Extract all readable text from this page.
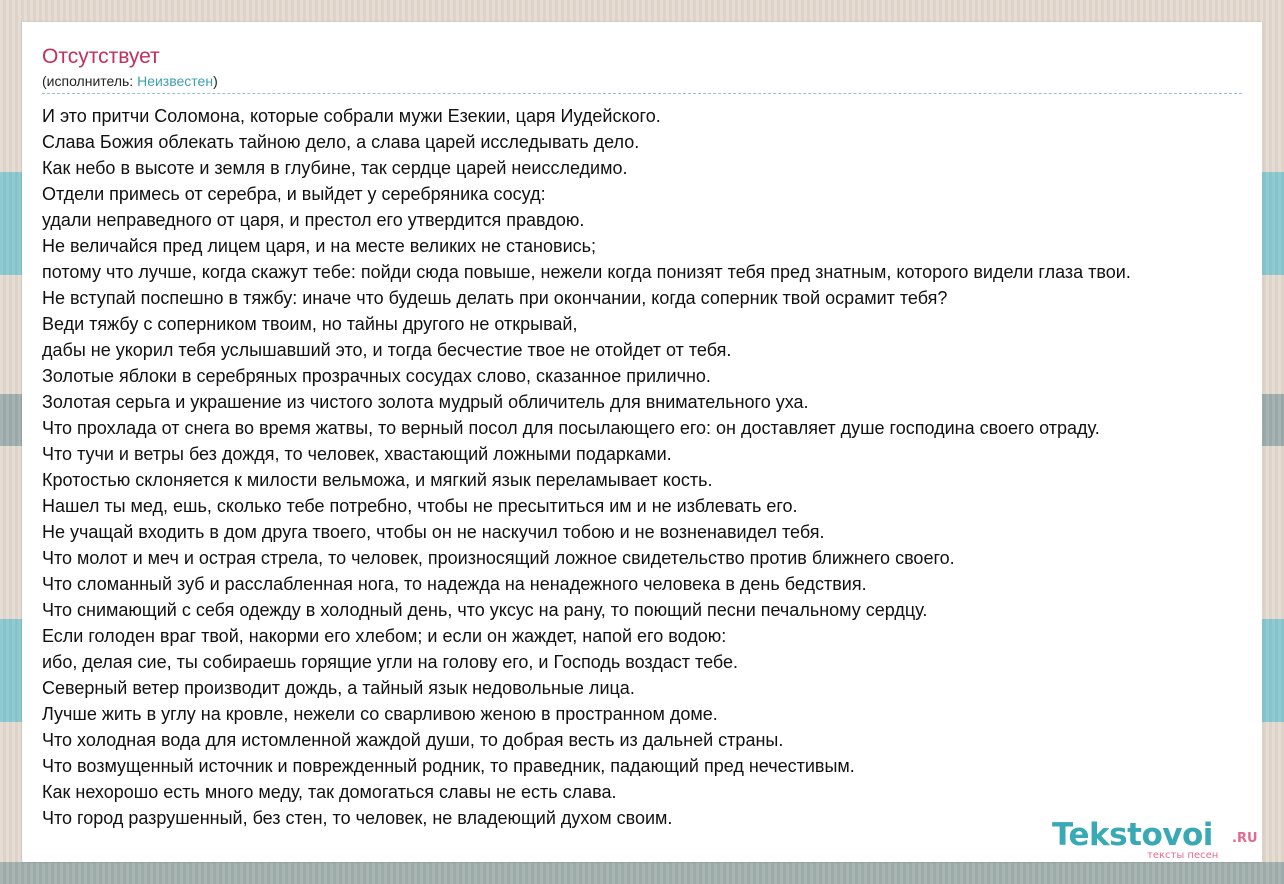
Отсутствует
(исполнитель: Неизвестен)
И это притчи Соломона, которые собрали мужи Езекии, царя Иудейского.
Слава Божия облекать тайною дело, а слава царей исследывать дело.
Как небо в высоте и земля в глубине, так сердце царей неисследимо.
Отдели примесь от серебра, и выйдет у серебряника сосуд:
удали неправедного от царя, и престол его утвердится правдою.
Не величайся пред лицем царя, и на месте великих не становись;
потому что лучше, когда скажут тебе: пойди сюда повыше, нежели когда понизят тебя пред знатным, которого видели глаза твои.
Не вступай поспешно в тяжбу: иначе что будешь делать при окончании, когда соперник твой осрамит тебя?
Веди тяжбу с соперником твоим, но тайны другого не открывай,
дабы не укорил тебя услышавший это, и тогда бесчестие твое не отойдет от тебя.
Золотые яблоки в серебряных прозрачных сосудах слово, сказанное прилично.
Золотая серьга и украшение из чистого золота мудрый обличитель для внимательного уха.
Что прохлада от снега во время жатвы, то верный посол для посылающего его: он доставляет душе господина своего отраду.
Что тучи и ветры без дождя, то человек, хвастающий ложными подарками.
Кротостью склоняется к милости вельможа, и мягкий язык переламывает кость.
Нашел ты мед, ешь, сколько тебе потребно, чтобы не пресытиться им и не изблевать его.
Не учащай входить в дом друга твоего, чтобы он не наскучил тобою и не возненавидел тебя.
Что молот и меч и острая стрела, то человек, произносящий ложное свидетельство против ближнего своего.
Что сломанный зуб и расслабленная нога, то надежда на ненадежного человека в день бедствия.
Что снимающий с себя одежду в холодный день, что уксус на рану, то поющий песни печальному сердцу.
Если голоден враг твой, накорми его хлебом; и если он жаждет, напой его водою:
ибо, делая сие, ты собираешь горящие угли на голову его, и Господь воздаст тебе.
Северный ветер производит дождь, а тайный язык недовольные лица.
Лучше жить в углу на кровле, нежели со сварливою женою в пространном доме.
Что холодная вода для истомленной жаждой души, то добрая весть из дальней страны.
Что возмущенный источник и поврежденный родник, то праведник, падающий пред нечестивым.
Как нехорошо есть много меду, так домогаться славы не есть слава.
Что город разрушенный, без стен, то человек, не владеющий духом своим.	Tekstovoi .RU
тексты песен
